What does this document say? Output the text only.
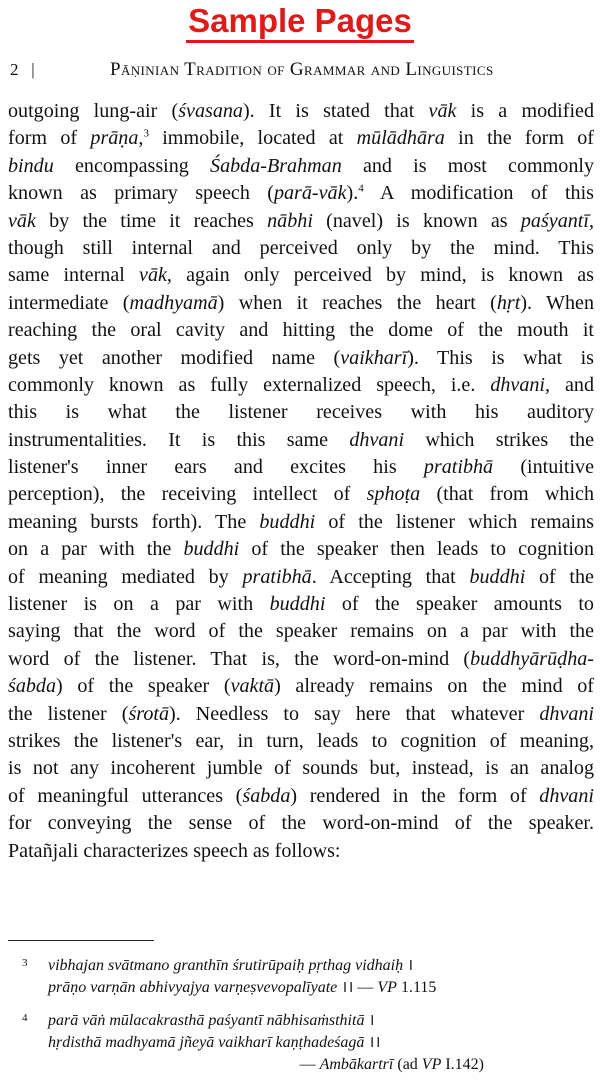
Sample Pages
2 |	Pāṇinian Tradition of Grammar and Linguistics
outgoing lung-air (śvasana). It is stated that vāk is a modified
form of prāṇa,$^3$ immobile, located at mūlādhāra in the form of
bindu encompassing Śabda-Brahman and is most commonly
known as primary speech (parā-vāk).$^4$ A modification of this
vāk by the time it reaches nābhi (navel) is known as paśyantī,
though still internal and perceived only by the mind. This
same internal vāk, again only perceived by mind, is known as
intermediate (madhyamā) when it reaches the heart (hṛt). When
reaching the oral cavity and hitting the dome of the mouth it
gets yet another modified name (vaikharī). This is what is
commonly known as fully externalized speech, i.e. dhvani, and
this is what the listener receives with his auditory
instrumentalities. It is this same dhvani which strikes the
listener's inner ears and excites his pratibhā (intuitive
perception), the receiving intellect of sphoṭa (that from which
meaning bursts forth). The buddhi of the listener which remains
on a par with the buddhi of the speaker then leads to cognition
of meaning mediated by pratibhā. Accepting that buddhi of the
listener is on a par with buddhi of the speaker amounts to
saying that the word of the speaker remains on a par with the
word of the listener. That is, the word-on-mind (buddhyārūḍha-
śabda) of the speaker (vaktā) already remains on the mind of
the listener (śrotā). Needless to say here that whatever dhvani
strikes the listener's ear, in turn, leads to cognition of meaning,
is not any incoherent jumble of sounds but, instead, is an analog
of meaningful utterances (śabda) rendered in the form of dhvani
for conveying the sense of the word-on-mind of the speaker.
Patañjali characterizes speech as follows:
3 vibhajan svātmano granthīn śrutirūpaiḥ pṛthag vidhaiḥ ।
prāṇo varṇān abhivyajya varṇeṣvevopalīyate ।। — VP 1.115
4 parā vāṅ mūlacakrasthā paśyantī nābhisaṁsthitā ।
hṛdisthā madhyamā jñeyā vaikharī kaṇṭhadeśagā ।।
— Ambākartrī (ad VP I.142)
